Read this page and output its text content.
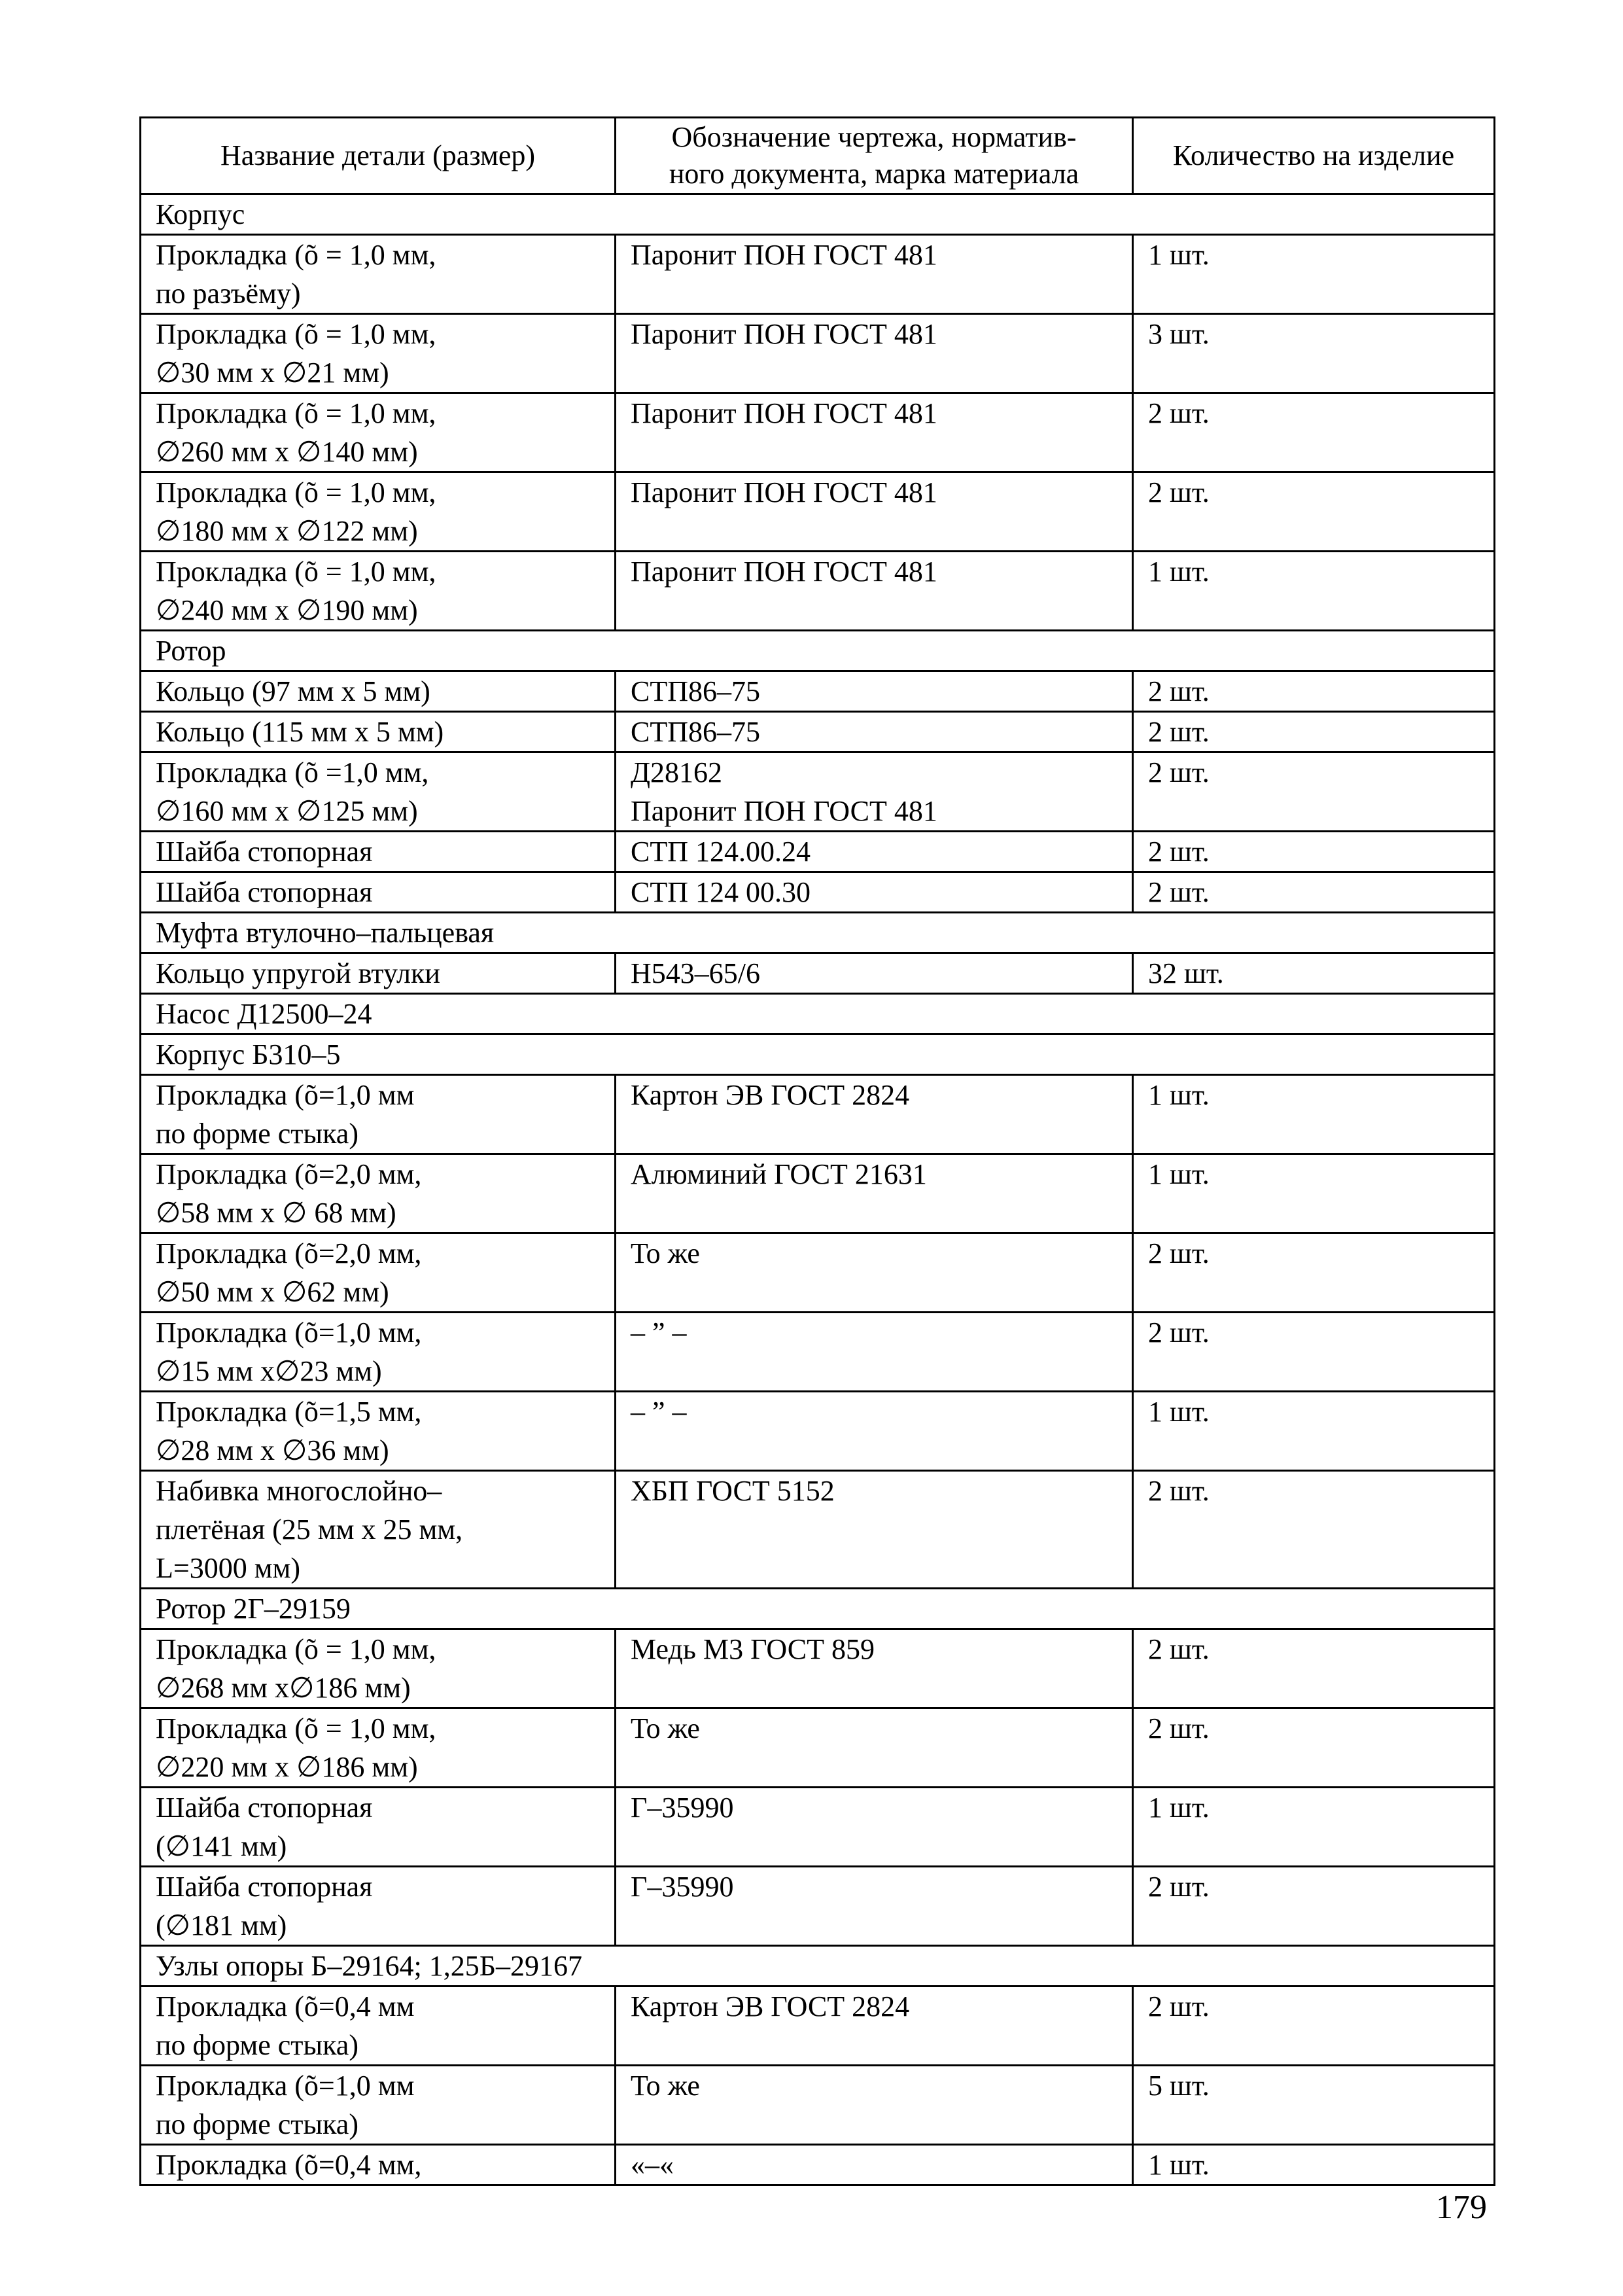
Название детали (размер)	Обозначение чертежа, норматив-
ного документа, марка материала	Количество на изделие

Корпус		

Прокладка (õ = 1,0 мм,
по разъёму)	Паронит ПОН ГОСТ 481	1 шт.

Прокладка (õ = 1,0 мм,
∅30 мм х ∅21 мм)	Паронит ПОН ГОСТ 481	3 шт.

Прокладка (õ = 1,0 мм,
∅260 мм х ∅140 мм)	Паронит ПОН ГОСТ 481	2 шт.

Прокладка (õ = 1,0 мм,
∅180 мм х ∅122 мм)	Паронит ПОН ГОСТ 481	2 шт.

Прокладка (õ = 1,0 мм,
∅240 мм х ∅190 мм)	Паронит ПОН ГОСТ 481	1 шт.
Ротор		

Кольцо (97 мм х 5 мм)	СТП86–75	2 шт.

Кольцо (115 мм х 5 мм)	СТП86–75	2 шт.

Прокладка (õ =1,0 мм,
∅160 мм х ∅125 мм)	Д28162
Паронит ПОН ГОСТ 481	2 шт.

Шайба стопорная	СТП 124.00.24	2 шт.

Шайба стопорная	СТП 124 00.30	2 шт.
Муфта втулочно–пальцевая		

Кольцо упругой втулки	Н543–65/6	32 шт.
Насос Д12500–24		
Корпус Б310–5		

Прокладка (õ=1,0 мм
по форме стыка)	Картон ЭВ ГОСТ 2824	1 шт.

Прокладка (õ=2,0 мм,
∅58 мм х ∅ 68 мм)	Алюминий ГОСТ 21631	1 шт.

Прокладка (õ=2,0 мм,
∅50 мм х ∅62 мм)	То же	2 шт.

Прокладка (õ=1,0 мм,
∅15 мм х∅23 мм)	– ” –	2 шт.

Прокладка (õ=1,5 мм,
∅28 мм х ∅36 мм)	– ” –	1 шт.

Набивка многослойно–
плетёная (25 мм х 25 мм,
L=3000 мм)	ХБП ГОСТ 5152	2 шт.
Ротор 2Г–29159		

Прокладка (õ = 1,0 мм,
∅268 мм х∅186 мм)	Медь М3 ГОСТ 859	2 шт.

Прокладка (õ = 1,0 мм,
∅220 мм х ∅186 мм)	То же	2 шт.

Шайба стопорная
(∅141 мм)	Г–35990	1 шт.

Шайба стопорная
(∅181 мм)	Г–35990	2 шт.
Узлы опоры Б–29164; 1,25Б–29167		

Прокладка (õ=0,4 мм
по форме стыка)	Картон ЭВ ГОСТ 2824	2 шт.

Прокладка (õ=1,0 мм
по форме стыка)	То же	5 шт.

Прокладка (õ=0,4 мм,	«–«	1 шт.
179
